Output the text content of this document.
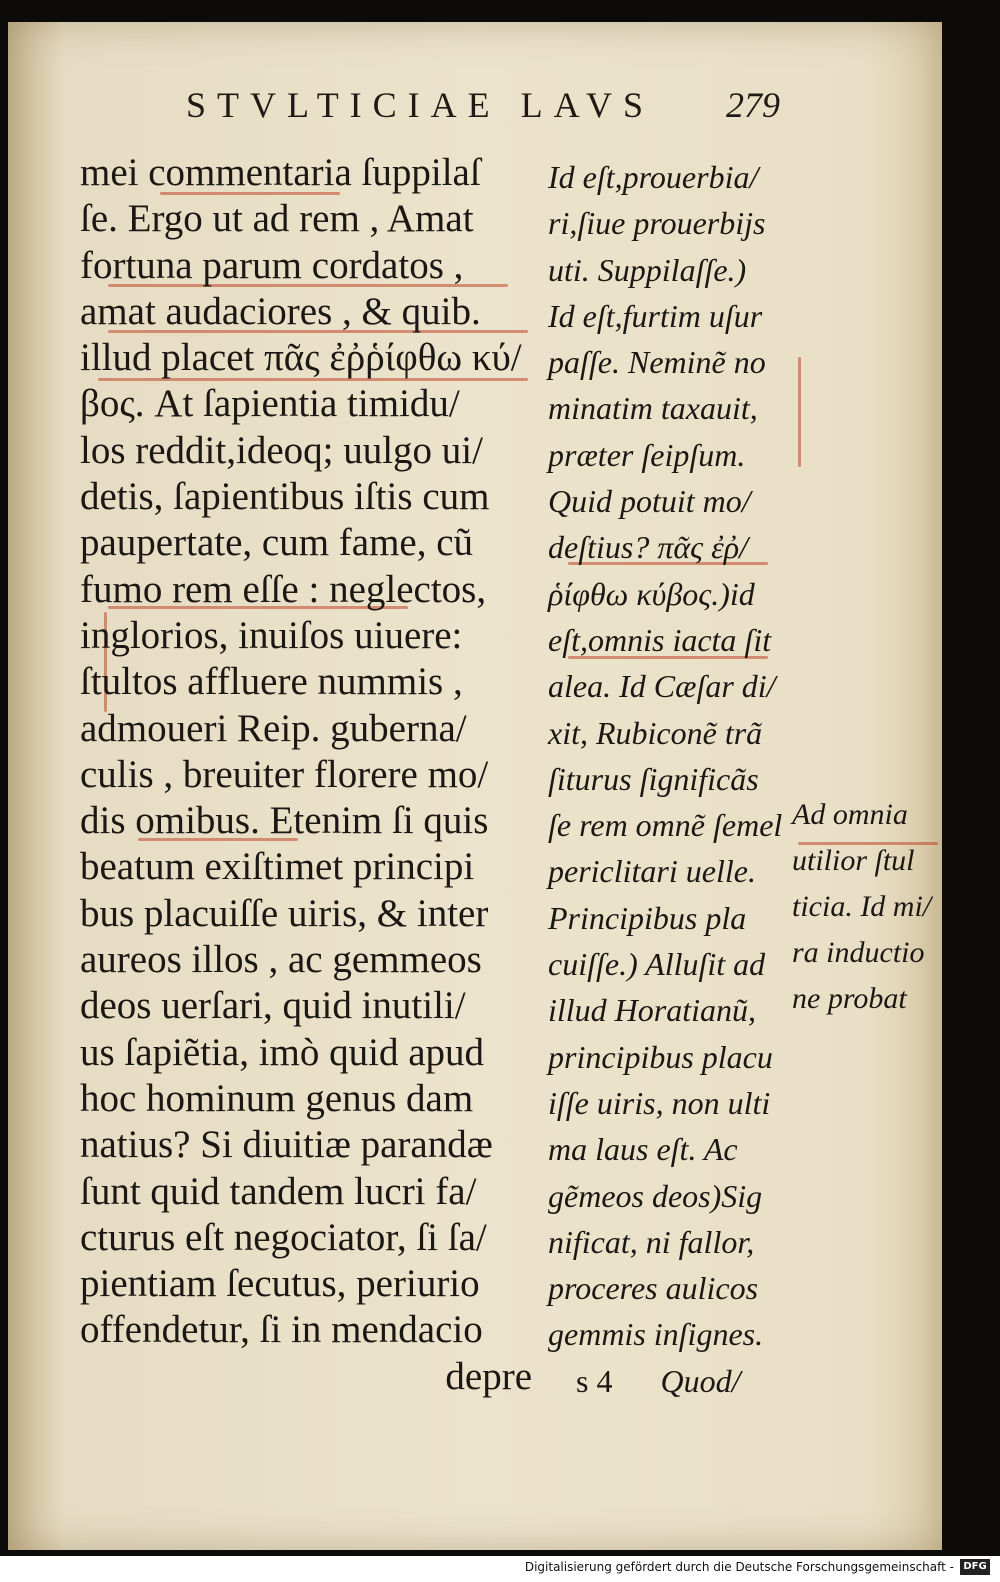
STVLTICIAE LAVS 279
mei commentaria ſuppilaſ
ſe. Ergo ut ad rem , Amat
fortuna parum cordatos ,
amat audaciores , & quib.
illud placet πᾶς ἐῤῥίφθω κύ/
βος. At ſapientia timidu/
los reddit,ideoq; uulgo ui/
detis, ſapientibus iſtis cum
paupertate, cum fame, cũ
fumo rem eſſe : neglectos,
inglorios, inuiſos uiuere:
ſtultos affluere nummis ,
admoueri Reip. guberna/
culis , breuiter florere mo/
dis omibus. Etenim ſi quis
beatum exiſtimet principi
bus placuiſſe uiris, & inter
aureos illos , ac gemmeos
deos uerſari, quid inutili/
us ſapiẽtia, imò quid apud
hoc hominum genus dam
natius? Si diuitiæ parandæ
ſunt quid tandem lucri fa/
cturus eſt negociator, ſi ſa/
pientiam ſecutus, periurio
offendetur, ſi in mendacio
depre
Id eſt,prouerbia/
ri,ſiue prouerbijs
uti. Suppilaſſe.)
Id eſt,furtim uſur
paſſe. Neminẽ no
minatim taxauit,
præter ſeipſum.
Quid potuit mo/
deſtius? πᾶς ἐῤ/
ῥίφθω κύβος.)id
eſt,omnis iacta ſit
alea. Id Cæſar di/
xit, Rubiconẽ trã
ſiturus ſignificãs
ſe rem omnẽ ſemel
periclitari uelle.
Principibus pla
cuiſſe.) Alluſit ad
illud Horatianũ,
principibus placu
iſſe uiris, non ulti
ma laus eſt. Ac
gẽmeos deos)Sig
nificat, ni fallor,
proceres aulicos
gemmis inſignes.
s 4 Quod/
Ad omnia
utilior ſtul
ticia. Id mi/
ra inductio
ne probat
Digitalisierung gefördert durch die Deutsche Forschungsgemeinschaft - DFG
